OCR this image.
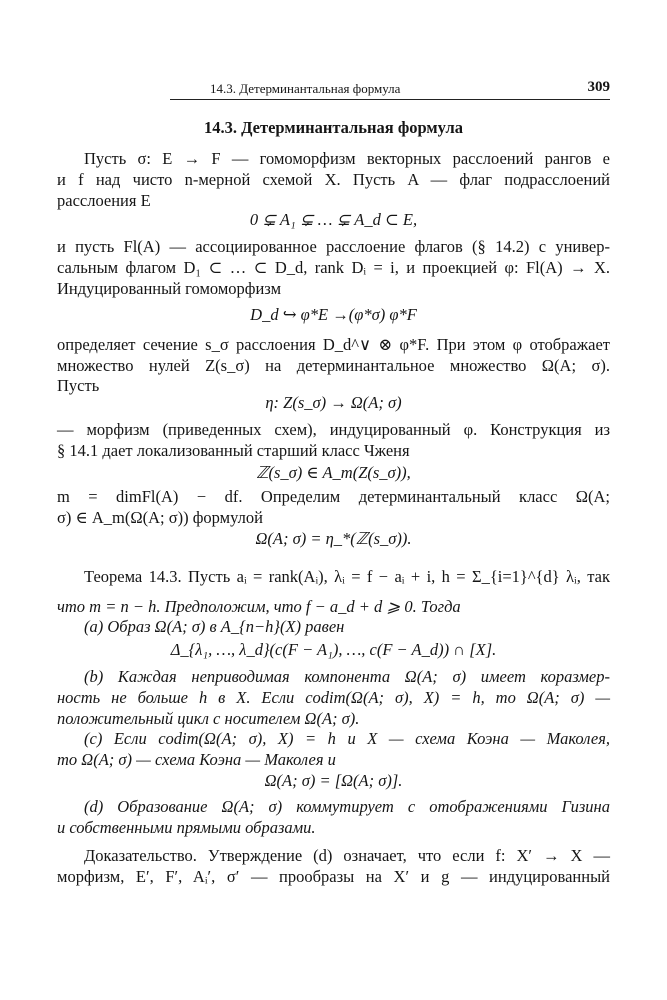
14.3. Детерминантальная формула	309
14.3. Детерминантальная формула
Пусть σ: E → F — гомоморфизм векторных расслоений рангов e
и f над чисто n-мерной схемой X. Пусть A — флаг подрасслоений
расслоения E
0 ⊊ A₁ ⊊ … ⊊ A_d ⊂ E,
и пусть Fl(A) — ассоциированное расслоение флагов (§ 14.2) с универ-
сальным флагом D₁ ⊂ … ⊂ D_d, rank Dᵢ = i, и проекцией φ: Fl(A) → X.
Индуцированный гомоморфизм
D_d ↪ φ*E →(φ*σ) φ*F
определяет сечение s_σ расслоения D_d^∨ ⊗ φ*F. При этом φ отображает
множество нулей Z(s_σ) на детерминантальное множество Ω(A; σ).
Пусть
η: Z(s_σ) → Ω(A; σ)
— морфизм (приведенных схем), индуцированный φ. Конструкция из
§ 14.1 дает локализованный старший класс Чженя
ℤ(s_σ) ∈ A_m(Z(s_σ)),
m = dimFl(A) − df. Определим детерминантальный класс Ω(A;
σ) ∈ A_m(Ω(A; σ)) формулой
Ω(A; σ) = η_*(ℤ(s_σ)).
Теорема 14.3. Пусть aᵢ = rank(Aᵢ), λᵢ = f − aᵢ + i, h = Σ_{i=1}^{d} λᵢ, так
что m = n − h. Предположим, что f − a_d + d ⩾ 0. Тогда
(a) Образ Ω(A; σ) в A_{n−h}(X) равен
Δ_{λ₁, …, λ_d}(c(F − A₁), …, c(F − A_d)) ∩ [X].
(b) Каждая неприводимая компонента Ω(A; σ) имеет коразмер-
ность не больше h в X. Если codim(Ω(A; σ), X) = h, то Ω(A; σ) —
положительный цикл с носителем Ω(A; σ).
(c) Если codim(Ω(A; σ), X) = h и X — схема Коэна — Маколея,
то Ω(A; σ) — схема Коэна — Маколея и
Ω(A; σ) = [Ω(A; σ)].
(d) Образование Ω(A; σ) коммутирует с отображениями Гизина
и собственными прямыми образами.
Доказательство. Утверждение (d) означает, что если f: X′ → X —
морфизм, E′, F′, Aᵢ′, σ′ — прообразы на X′ и g — индуцированный
